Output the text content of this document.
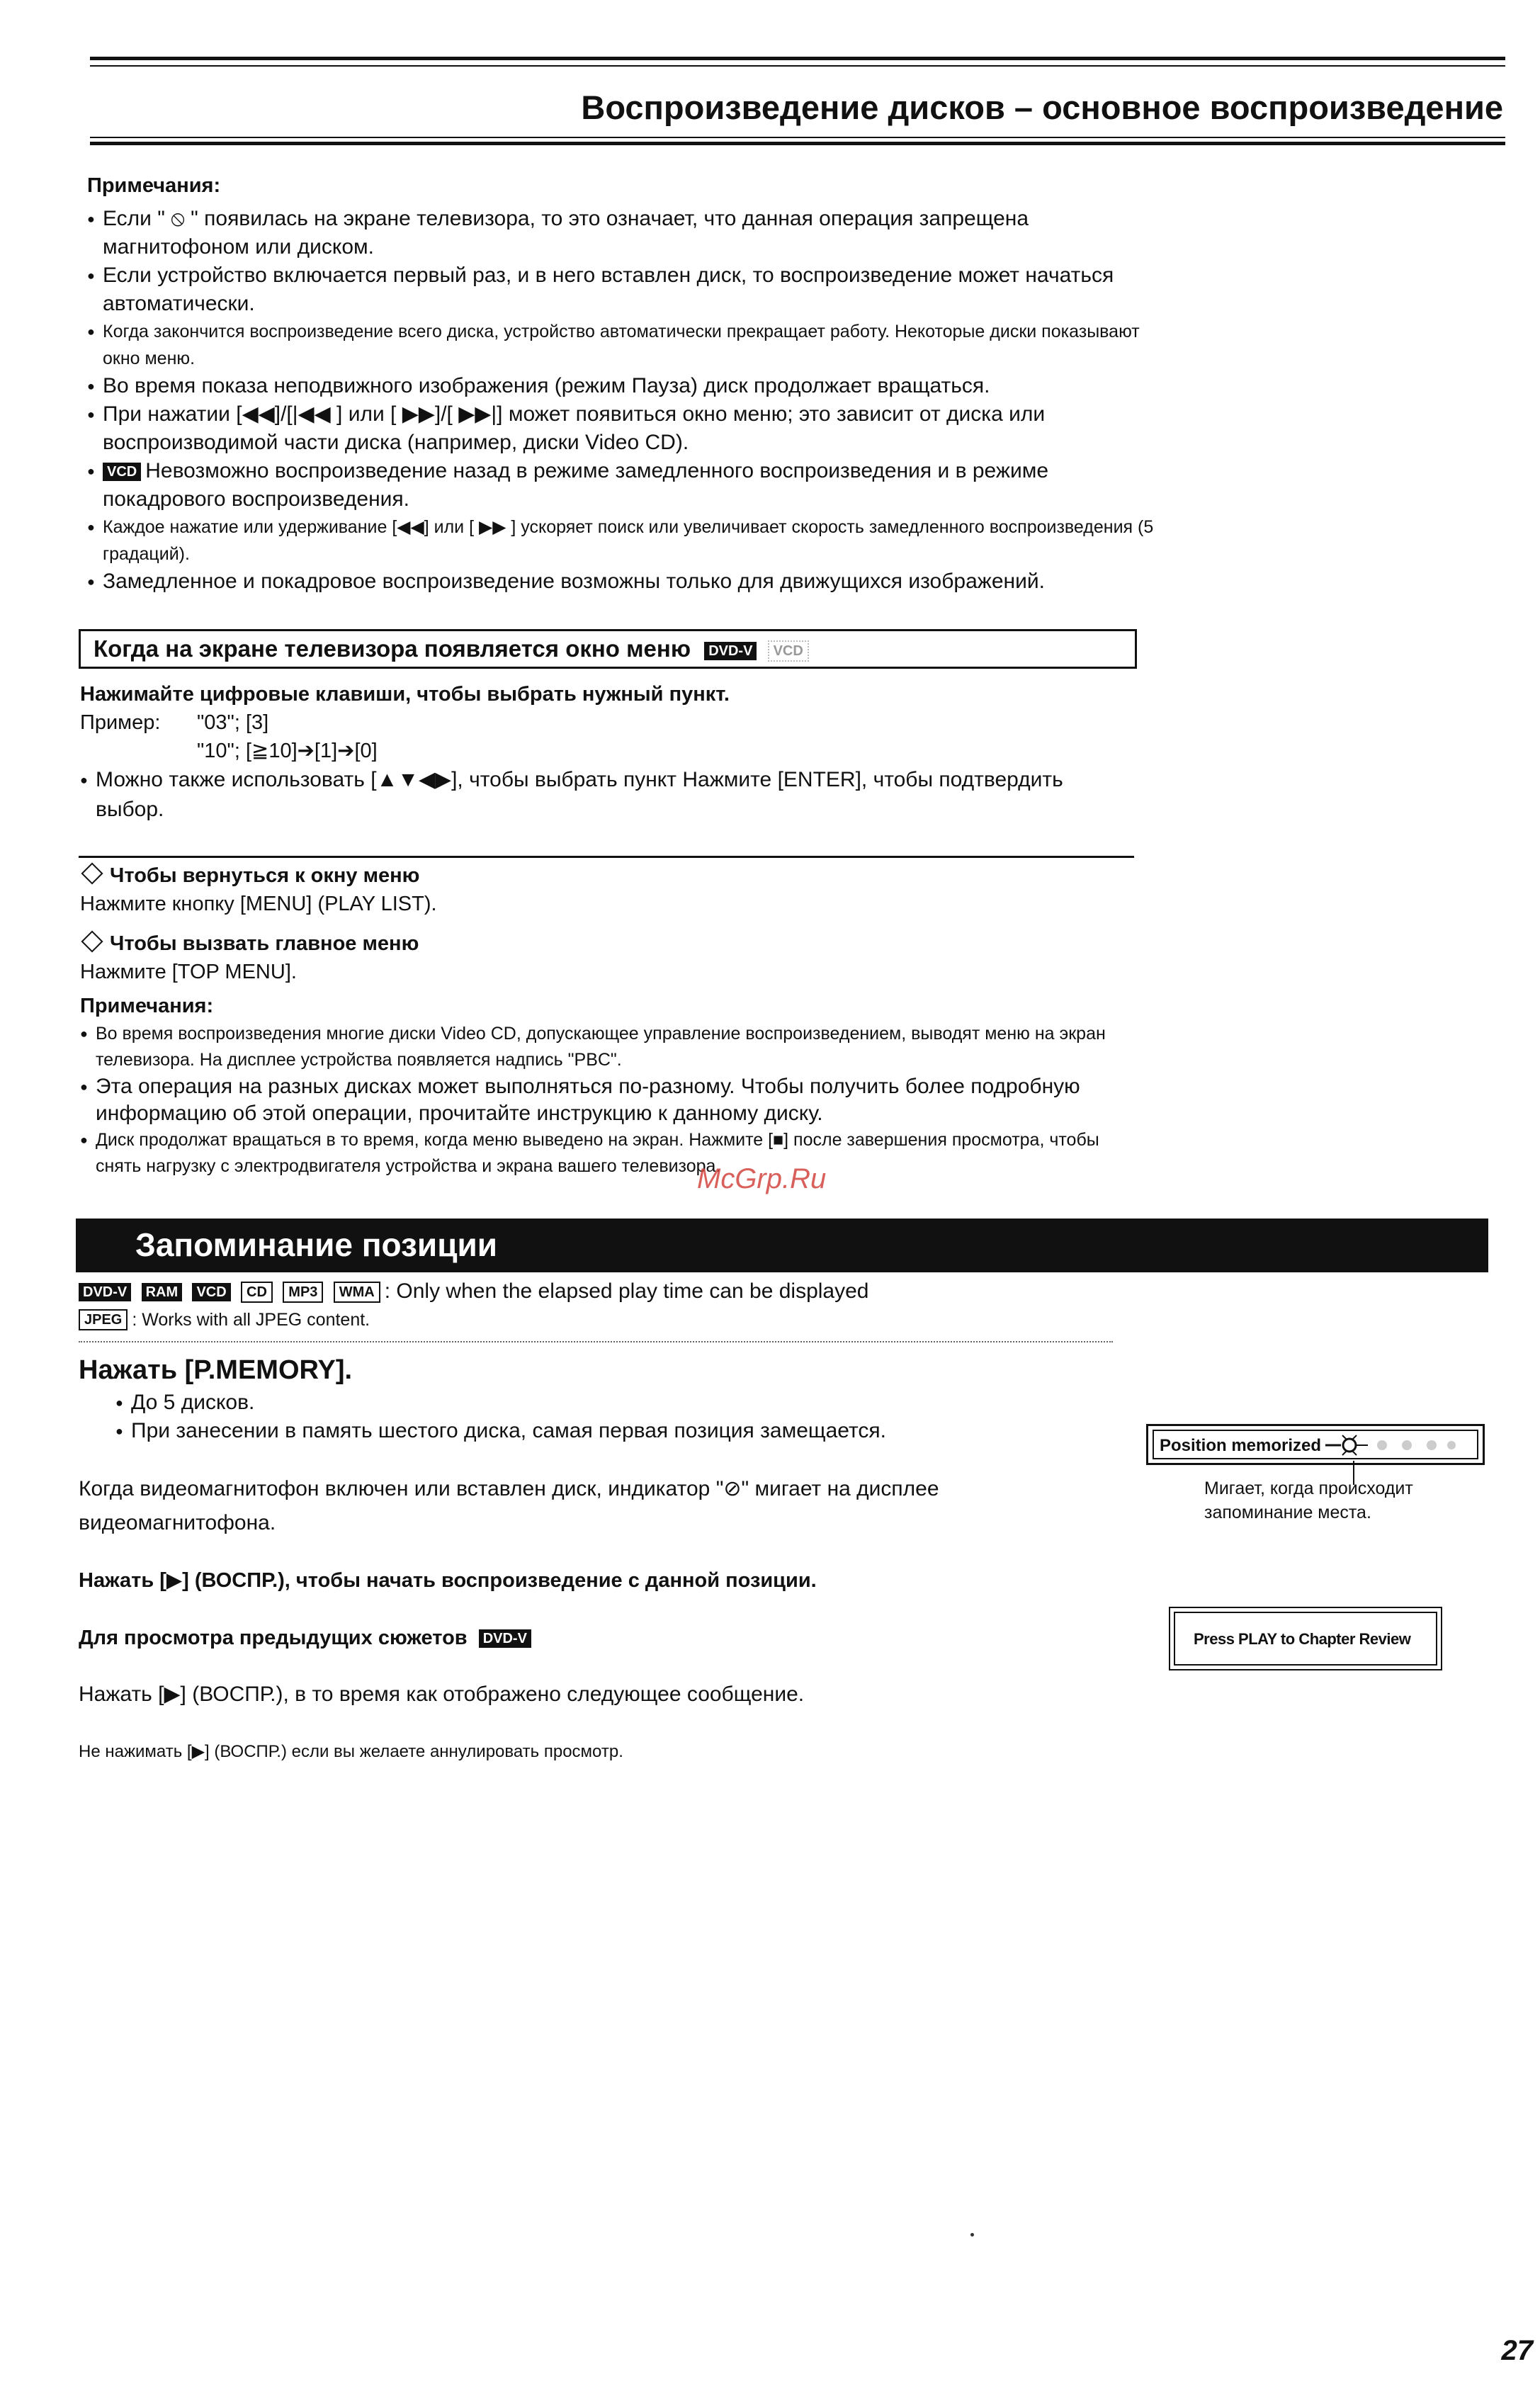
Воспроизведение дисков – основное воспроизведение
Примечания:
● Если " ⦸ " появилась на экране телевизора, то это означает, что данная операция запрещена магнитофоном или диском.
● Если устройство включается первый раз, и в него вставлен диск, то воспроизведение может начаться автоматически.
● Когда закончится воспроизведение всего диска, устройство автоматически прекращает работу. Некоторые диски показывают окно меню.
● Во время показа неподвижного изображения (режим Пауза) диск продолжает вращаться.
● При нажатии [◀◀]/[|◀◀ ] или [ ▶▶]/[ ▶▶|] может появиться окно меню; это зависит от диска или воспроизводимой части диска (например, диски Video CD).
● VCD Невозможно воспроизведение назад в режиме замедленного воспроизведения и в режиме покадрового воспроизведения.
● Каждое нажатие или удерживание [◀◀] или [ ▶▶ ] ускоряет поиск или увеличивает скорость замедленного воспроизведения (5 градаций).
● Замедленное и покадровое воспроизведение возможны только для движущихся изображений.
Когда на экране телевизора появляется окно меню DVD-V VCD
Нажимайте цифровые клавиши, чтобы выбрать нужный пункт.
Пример: "03"; [3]
"10"; [≧10]➔[1]➔[0]
● Можно также использовать [▲▼◀▶], чтобы выбрать пункт Нажмите [ENTER], чтобы подтвердить выбор.
Чтобы вернуться к окну меню
Нажмите кнопку [MENU] (PLAY LIST).
Чтобы вызвать главное меню
Нажмите [TOP MENU].
Примечания:
● Во время воспроизведения многие диски Video CD, допускающее управление воспроизведением, выводят меню на экран телевизора. На дисплее устройства появляется надпись "PBC".
● Эта операция на разных дисках может выполняться по-разному. Чтобы получить более подробную информацию об этой операции, прочитайте инструкцию к данному диску.
● Диск продолжат вращаться в то время, когда меню выведено на экран. Нажмите [■] после завершения просмотра, чтобы снять нагрузку с электродвигателя устройства и экрана вашего телевизора.
McGrp.Ru
Запоминание позиции
DVD-V RAM VCD CD MP3 WMA : Only when the elapsed play time can be displayed
JPEG : Works with all JPEG content.
Нажать [P.MEMORY].
● До 5 дисков.
● При занесении в память шестого диска, самая первая позиция замещается.
Когда видеомагнитофон включен или вставлен диск, индикатор "⊘" мигает на дисплее видеомагнитофона.
Нажать [▶] (ВОСПР.), чтобы начать воспроизведение с данной позиции.
Для просмотра предыдущих сюжетов DVD-V
Нажать [▶] (ВОСПР.), в то время как отображено следующее сообщение.
Не нажимать [▶] (ВОСПР.) если вы желаете аннулировать просмотр.
Position memorized
Мигает, когда происходит запоминание места.
Press PLAY to Chapter Review
27
